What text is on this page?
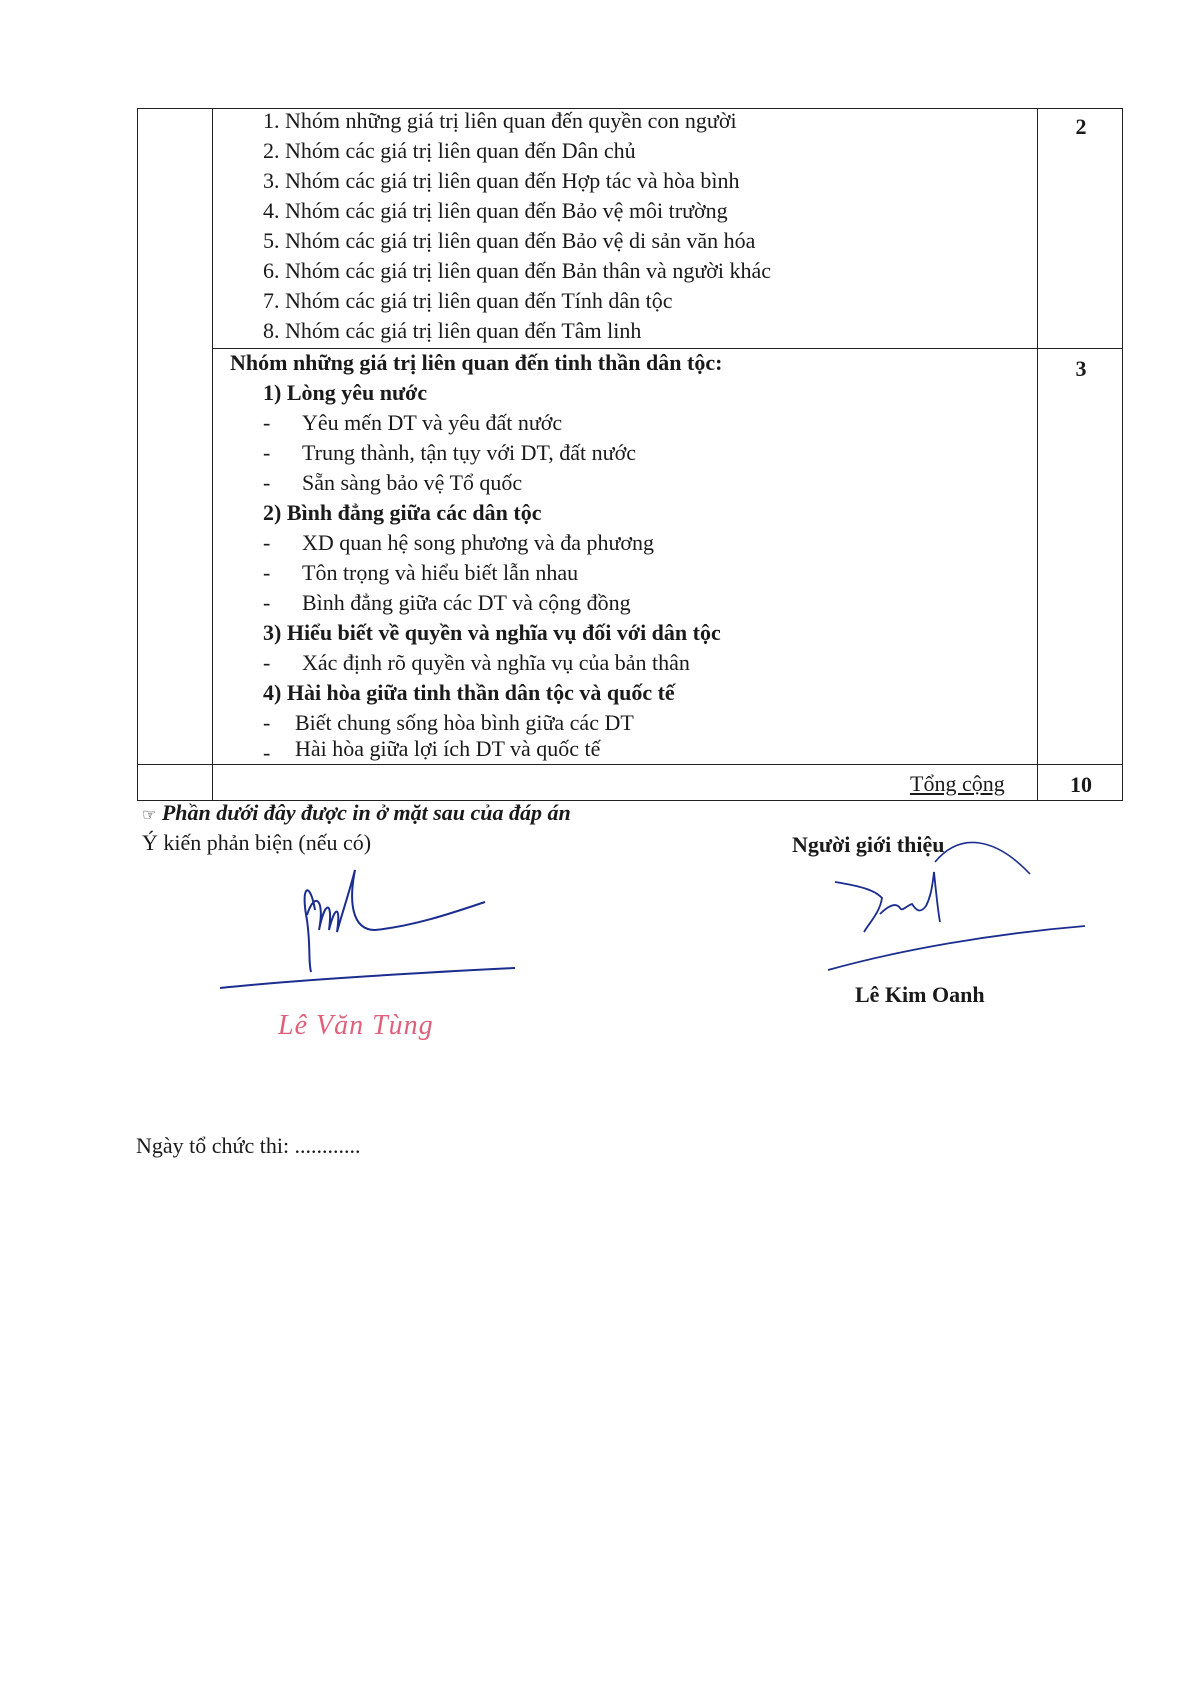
1. Nhóm những giá trị liên quan đến quyền con người
2. Nhóm các giá trị liên quan đến Dân chủ
3. Nhóm các giá trị liên quan đến Hợp tác và hòa bình
4. Nhóm các giá trị liên quan đến Bảo vệ môi trường
5. Nhóm các giá trị liên quan đến Bảo vệ di sản văn hóa
6. Nhóm các giá trị liên quan đến Bản thân và người khác
7. Nhóm các giá trị liên quan đến Tính dân tộc
8. Nhóm các giá trị liên quan đến Tâm linh
2
Nhóm những giá trị liên quan đến tinh thần dân tộc:	3
1) Lòng yêu nước
- Yêu mến DT và yêu đất nước
- Trung thành, tận tụy với DT, đất nước
- Sẵn sàng bảo vệ Tổ quốc
2) Bình đẳng giữa các dân tộc
- XD quan hệ song phương và đa phương
- Tôn trọng và hiểu biết lẫn nhau
- Bình đẳng giữa các DT và cộng đồng
3) Hiểu biết về quyền và nghĩa vụ đối với dân tộc
- Xác định rõ quyền và nghĩa vụ của bản thân
4) Hài hòa giữa tinh thần dân tộc và quốc tế
- Biết chung sống hòa bình giữa các DT
- Hài hòa giữa lợi ích DT và quốc tế
Tổng cộng	10
☞ Phần dưới đây được in ở mặt sau của đáp án
Ý kiến phản biện (nếu có)
Lê Văn Tùng
Người giới thiệu
Lê Kim Oanh
Ngày tổ chức thi: ............
